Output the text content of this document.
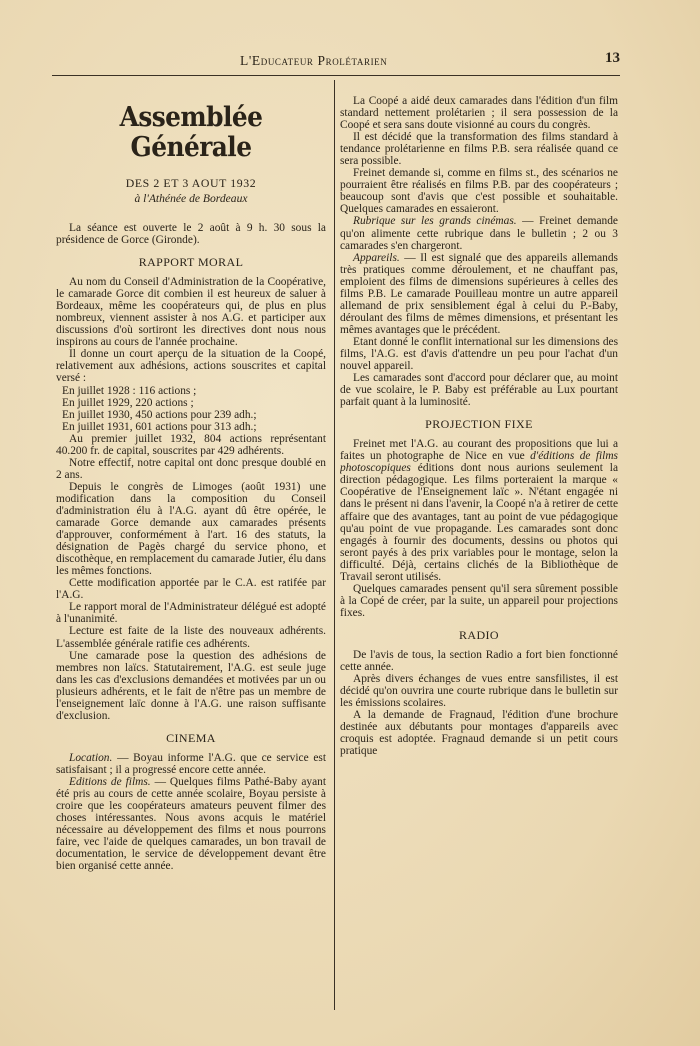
L'Educateur Prolétarien	13
Assemblée Générale
DES 2 ET 3 AOUT 1932
à l'Athénée de Bordeaux

La séance est ouverte le 2 août à 9 h. 30 sous la présidence de Gorce (Gironde).

RAPPORT MORAL

Au nom du Conseil d'Administration de la Coopérative, le camarade Gorce dit combien il est heureux de saluer à Bordeaux, même les coopérateurs qui, de plus en plus nombreux, viennent assister à nos A.G. et participer aux discussions d'où sortiront les directives dont nous nous inspirons au cours de l'année prochaine.

Il donne un court aperçu de la situation de la Coopé, relativement aux adhésions, actions souscrites et capital versé :

En juillet 1928 : 116 actions ;
En juillet 1929, 220 actions ;
En juillet 1930, 450 actions pour 239 adh.;
En juillet 1931, 601 actions pour 313 adh.;

Au premier juillet 1932, 804 actions représentant 40.200 fr. de capital, souscrites par 429 adhérents.

Notre effectif, notre capital ont donc presque doublé en 2 ans.

Depuis le congrès de Limoges (août 1931) une modification dans la composition du Conseil d'administration élu à l'A.G. ayant dû être opérée, le camarade Gorce demande aux camarades présents d'approuver, conformément à l'art. 16 des statuts, la désignation de Pagès chargé du service phono, et discothèque, en remplacement du camarade Jutier, élu dans les mêmes fonctions.

Cette modification apportée par le C.A. est ratifée par l'A.G.

Le rapport moral de l'Administrateur délégué est adopté à l'unanimité.

Lecture est faite de la liste des nouveaux adhérents. L'assemblée générale ratifie ces adhérents.

Une camarade pose la question des adhésions de membres non laïcs. Statutairement, l'A.G. est seule juge dans les cas d'exclusions demandées et motivées par un ou plusieurs adhérents, et le fait de n'être pas un membre de l'enseignement laïc donne à l'A.G. une raison suffisante d'exclusion.

CINEMA

Location. — Boyau informe l'A.G. que ce service est satisfaisant ; il a progressé encore cette année.

Editions de films. — Quelques films Pathé-Baby ayant été pris au cours de cette année scolaire, Boyau persiste à croire que les coopérateurs amateurs peuvent filmer des choses intéressantes. Nous avons acquis le matériel nécessaire au développement des films et nous pourrons faire, vec l'aide de quelques camarades, un bon travail de documentation, le service de développement devant être bien organisé cette année.

La Coopé a aidé deux camarades dans l'édition d'un film standard nettement prolétarien ; il sera possession de la Coopé et sera sans doute visionné au cours du congrès.

Il est décidé que la transformation des films standard à tendance prolétarienne en films P.B. sera réalisée quand ce sera possible.

Freinet demande si, comme en films st., des scénarios ne pourraient être réalisés en films P.B. par des coopérateurs ; beaucoup sont d'avis que c'est possible et souhaitable. Quelques camarades en essaieront.

Rubrique sur les grands cinémas. — Freinet demande qu'on alimente cette rubrique dans le bulletin ; 2 ou 3 camarades s'en chargeront.

Appareils. — Il est signalé que des appareils allemands très pratiques comme déroulement, et ne chauffant pas, emploient des films de dimensions supérieures à celles des films P.B. Le camarade Pouilleau montre un autre appareil allemand de prix sensiblement égal à celui du P.-Baby, déroulant des films de mêmes dimensions, et présentant les mêmes avantages que le précédent.

Etant donné le conflit international sur les dimensions des films, l'A.G. est d'avis d'attendre un peu pour l'achat d'un nouvel appareil.

Les camarades sont d'accord pour déclarer que, au moint de vue scolaire, le P. Baby est préférable au Lux pourtant parfait quant à la luminosité.

PROJECTION FIXE

Freinet met l'A.G. au courant des propositions que lui a faites un photographe de Nice en vue d'éditions de films photoscopiques éditions dont nous aurions seulement la direction pédagogique. Les films porteraient la marque « Coopérative de l'Enseignement laïc ». N'étant engagée ni dans le présent ni dans l'avenir, la Coopé n'a à retirer de cette affaire que des avantages, tant au point de vue pédagogique qu'au point de vue propagande. Les camarades sont donc engagés à fournir des documents, dessins ou photos qui seront payés à des prix variables pour le montage, selon la difficulté. Déjà, certains clichés de la Bibliothèque de Travail seront utilisés.

Quelques camarades pensent qu'il sera sûrement possible à la Copé de créer, par la suite, un appareil pour projections fixes.

RADIO

De l'avis de tous, la section Radio a fort bien fonctionné cette année.

Après divers échanges de vues entre sansfilistes, il est décidé qu'on ouvrira une courte rubrique dans le bulletin sur les émissions scolaires.

A la demande de Fragnaud, l'édition d'une brochure destinée aux débutants pour montages d'appareils avec croquis est adoptée. Fragnaud demande si un petit cours pratique
